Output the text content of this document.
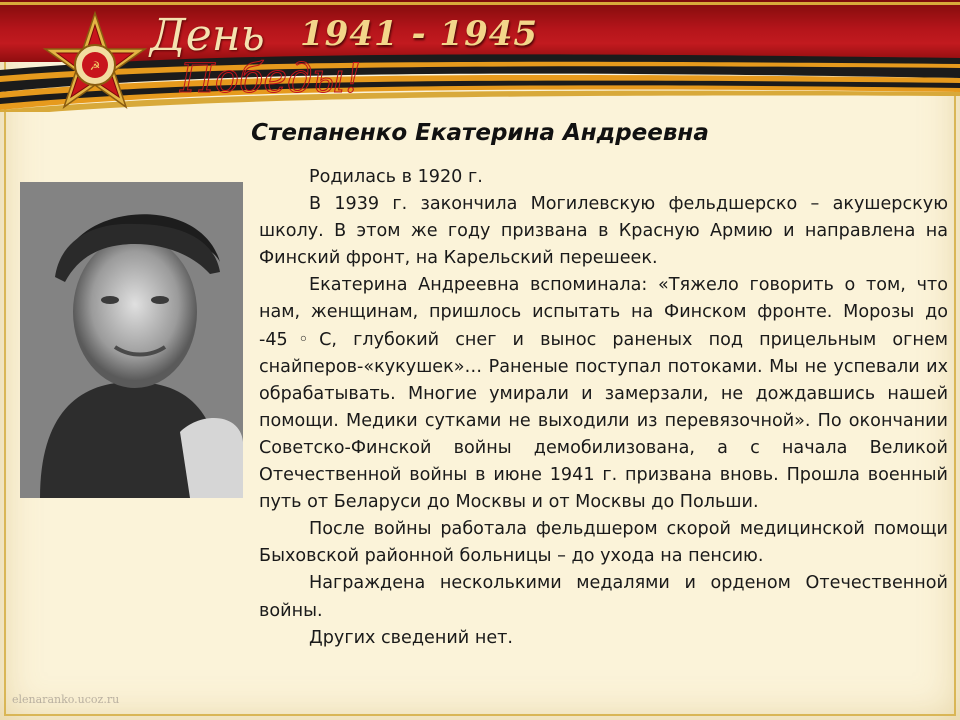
День
Победы!
1941 - 1945
☭
Степаненко Екатерина Андреевна

Родилась в 1920 г.

В 1939 г. закончила Могилевскую фельдшерско – акушерскую школу. В этом же году призвана в Красную Армию и направлена на Финский фронт, на Карельский перешеек.

Екатерина Андреевна вспоминала: «Тяжело говорить о том, что нам, женщинам, пришлось испытать на Финском фронте. Морозы до -45◦С, глубокий снег и вынос раненых под прицельным огнем снайперов-«кукушек»… Раненые поступал потоками. Мы не успевали их обрабатывать. Многие умирали и замерзали, не дождавшись нашей помощи. Медики сутками не выходили из перевязочной». По окончании Советско-Финской войны демобилизована, а с начала Великой Отечественной войны в июне 1941 г. призвана вновь. Прошла военный путь от Беларуси до Москвы и от Москвы до Польши.

После войны работала фельдшером скорой медицинской помощи Быховской районной больницы – до ухода на пенсию.

Награждена несколькими медалями и орденом Отечественной войны.

Других сведений нет.

elenaranko.ucoz.ru
